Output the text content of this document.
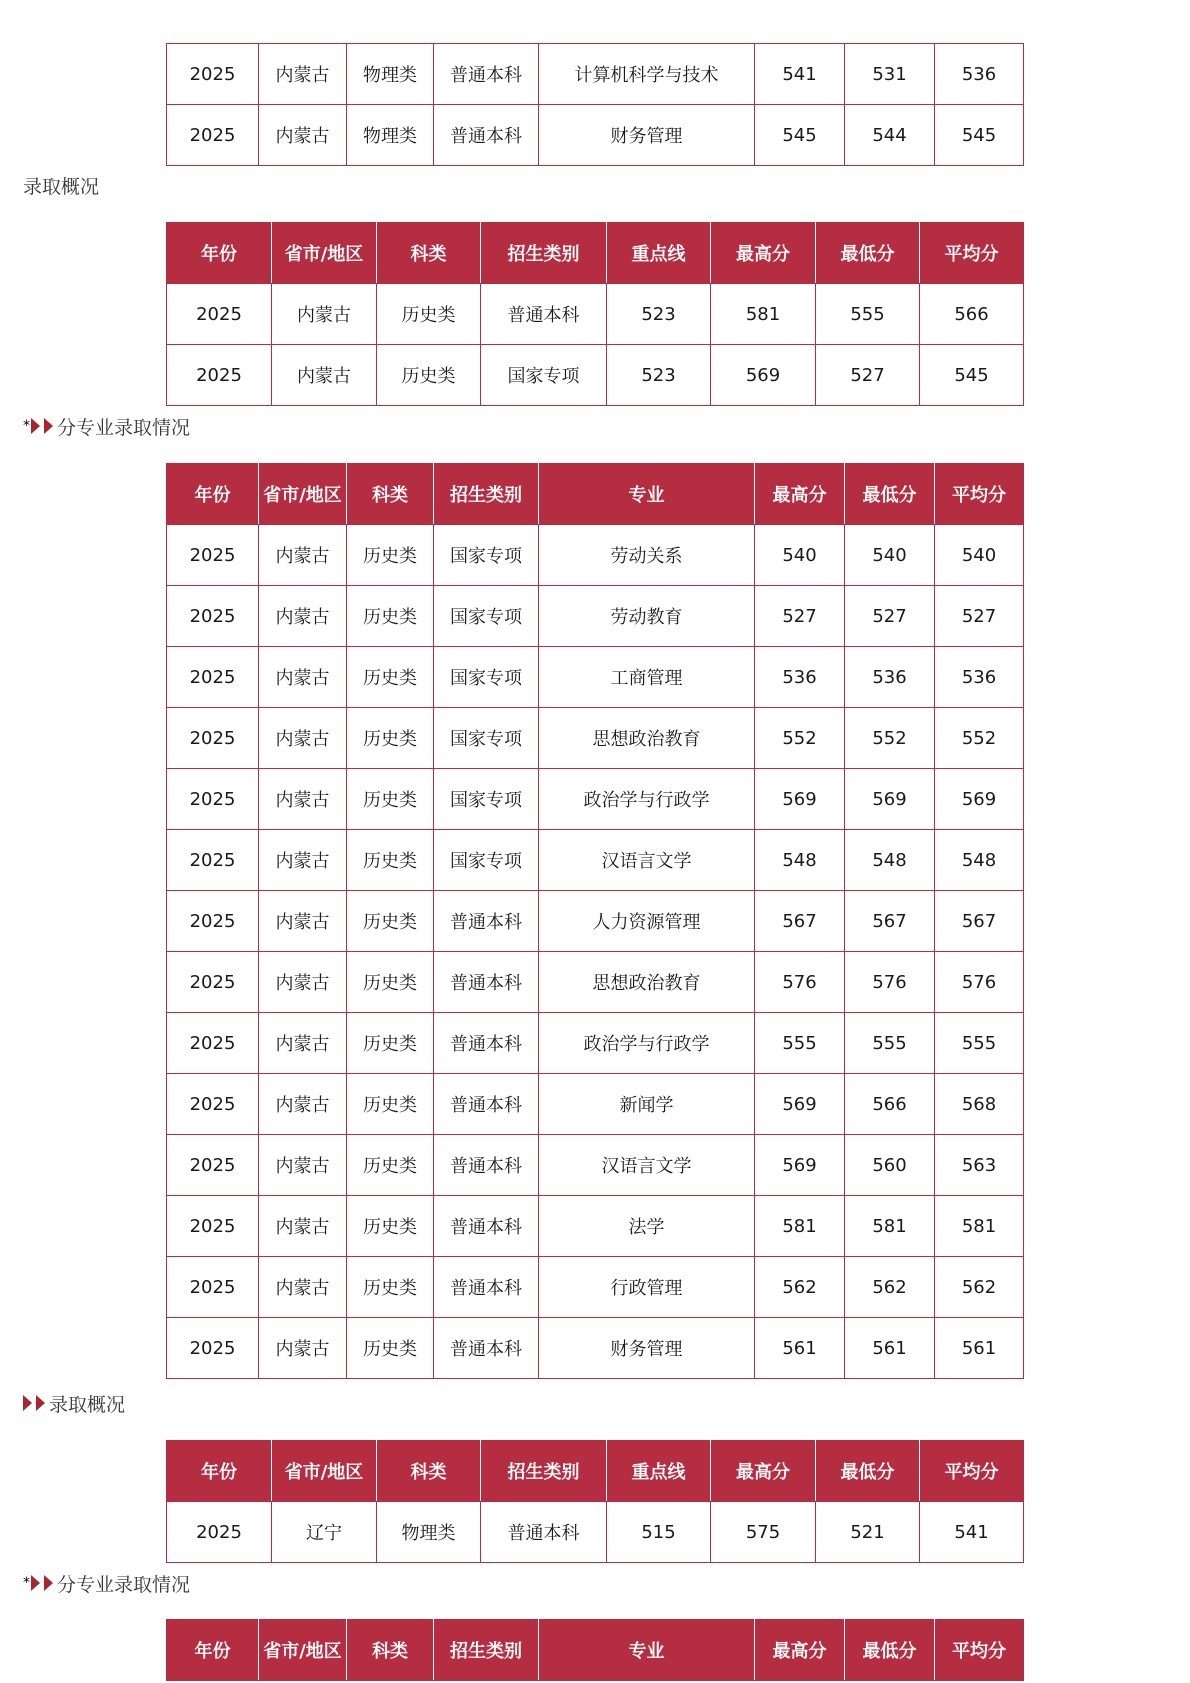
2025	内蒙古	物理类	普通本科	计算机科学与技术	541	531	536
2025	内蒙古	物理类	普通本科	财务管理	545	544	545
录取概况
年份	省市/地区	科类	招生类别	重点线	最高分	最低分	平均分
2025	内蒙古	历史类	普通本科	523	581	555	566
2025	内蒙古	历史类	国家专项	523	569	527	545
* 分专业录取情况
年份	省市/地区	科类	招生类别	专业	最高分	最低分	平均分
2025	内蒙古	历史类	国家专项	劳动关系	540	540	540
2025	内蒙古	历史类	国家专项	劳动教育	527	527	527
2025	内蒙古	历史类	国家专项	工商管理	536	536	536
2025	内蒙古	历史类	国家专项	思想政治教育	552	552	552
2025	内蒙古	历史类	国家专项	政治学与行政学	569	569	569
2025	内蒙古	历史类	国家专项	汉语言文学	548	548	548
2025	内蒙古	历史类	普通本科	人力资源管理	567	567	567
2025	内蒙古	历史类	普通本科	思想政治教育	576	576	576
2025	内蒙古	历史类	普通本科	政治学与行政学	555	555	555
2025	内蒙古	历史类	普通本科	新闻学	569	566	568
2025	内蒙古	历史类	普通本科	汉语言文学	569	560	563
2025	内蒙古	历史类	普通本科	法学	581	581	581
2025	内蒙古	历史类	普通本科	行政管理	562	562	562
2025	内蒙古	历史类	普通本科	财务管理	561	561	561
录取概况
年份	省市/地区	科类	招生类别	重点线	最高分	最低分	平均分
2025	辽宁	物理类	普通本科	515	575	521	541
* 分专业录取情况
年份	省市/地区	科类	招生类别	专业	最高分	最低分	平均分
